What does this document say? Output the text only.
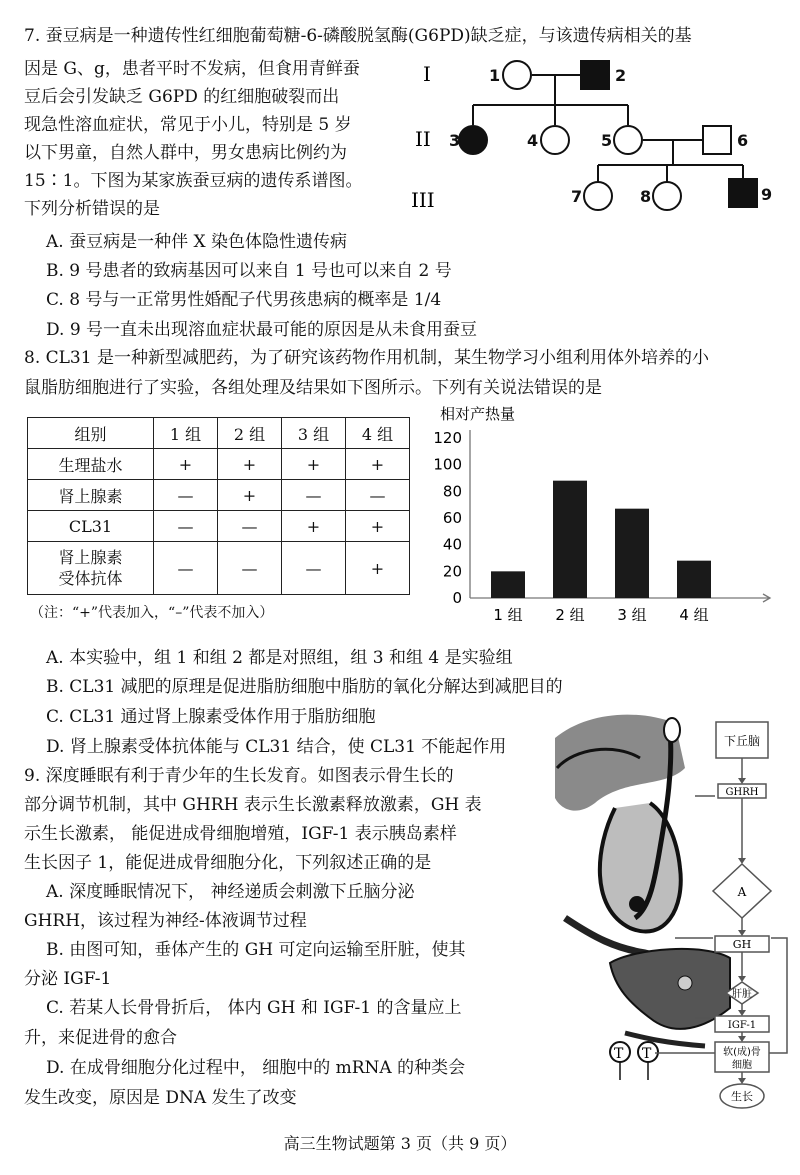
7. 蚕豆病是一种遗传性红细胞葡萄糖-6-磷酸脱氢酶(G6PD)缺乏症，与该遗传病相关的基
因是 G、g，患者平时不发病，但食用青鲜蚕
豆后会引发缺乏 G6PD 的红细胞破裂而出
现急性溶血症状，常见于小儿，特别是 5 岁
以下男童，自然人群中，男女患病比例约为
15∶1。下图为某家族蚕豆病的遗传系谱图。
下列分析错误的是
I
II
III
1	2
3	4	5	6
7	8	9
A. 蚕豆病是一种伴 X 染色体隐性遗传病
B. 9 号患者的致病基因可以来自 1 号也可以来自 2 号
C. 8 号与一正常男性婚配子代男孩患病的概率是 1/4
D. 9 号一直未出现溶血症状最可能的原因是从未食用蚕豆
8. CL31 是一种新型减肥药，为了研究该药物作用机制，某生物学习小组利用体外培养的小
鼠脂肪细胞进行了实验，各组处理及结果如下图所示。下列有关说法错误的是
组别	1 组	2 组	3 组	4 组
生理盐水	+	+	+	+
肾上腺素	—	+	—	—
CL31	—	—	+	+
肾上腺素
受体抗体	—	—	—	+
（注：“+”代表加入，“–”代表不加入）
相对产热量
0
20
40
60
80
100
120
1 组 2 组 3 组 4 组
A. 本实验中，组 1 和组 2 都是对照组，组 3 和组 4 是实验组
B. CL31 减肥的原理是促进脂肪细胞中脂肪的氧化分解达到减肥目的
C. CL31 通过肾上腺素受体作用于脂肪细胞
D. 肾上腺素受体抗体能与 CL31 结合，使 CL31 不能起作用
9. 深度睡眠有利于青少年的生长发育。如图表示骨生长的
部分调节机制，其中 GHRH 表示生长激素释放激素，GH 表
示生长激素， 能促进成骨细胞增殖，IGF-1 表示胰岛素样
生长因子 1，能促进成骨细胞分化，下列叙述正确的是
A. 深度睡眠情况下， 神经递质会刺激下丘脑分泌
GHRH，该过程为神经-体液调节过程
B. 由图可知，垂体产生的 GH 可定向运输至肝脏，使其
分泌 IGF-1
C. 若某人长骨骨折后， 体内 GH 和 IGF-1 的含量应上
升，来促进骨的愈合
D. 在成骨细胞分化过程中， 细胞中的 mRNA 的种类会
发生改变，原因是 DNA 发生了改变
T T
下丘脑
GHRH
A
GH
肝脏
IGF-1
软(成)骨
细胞
生长
高三生物试题第 3 页（共 9 页）
